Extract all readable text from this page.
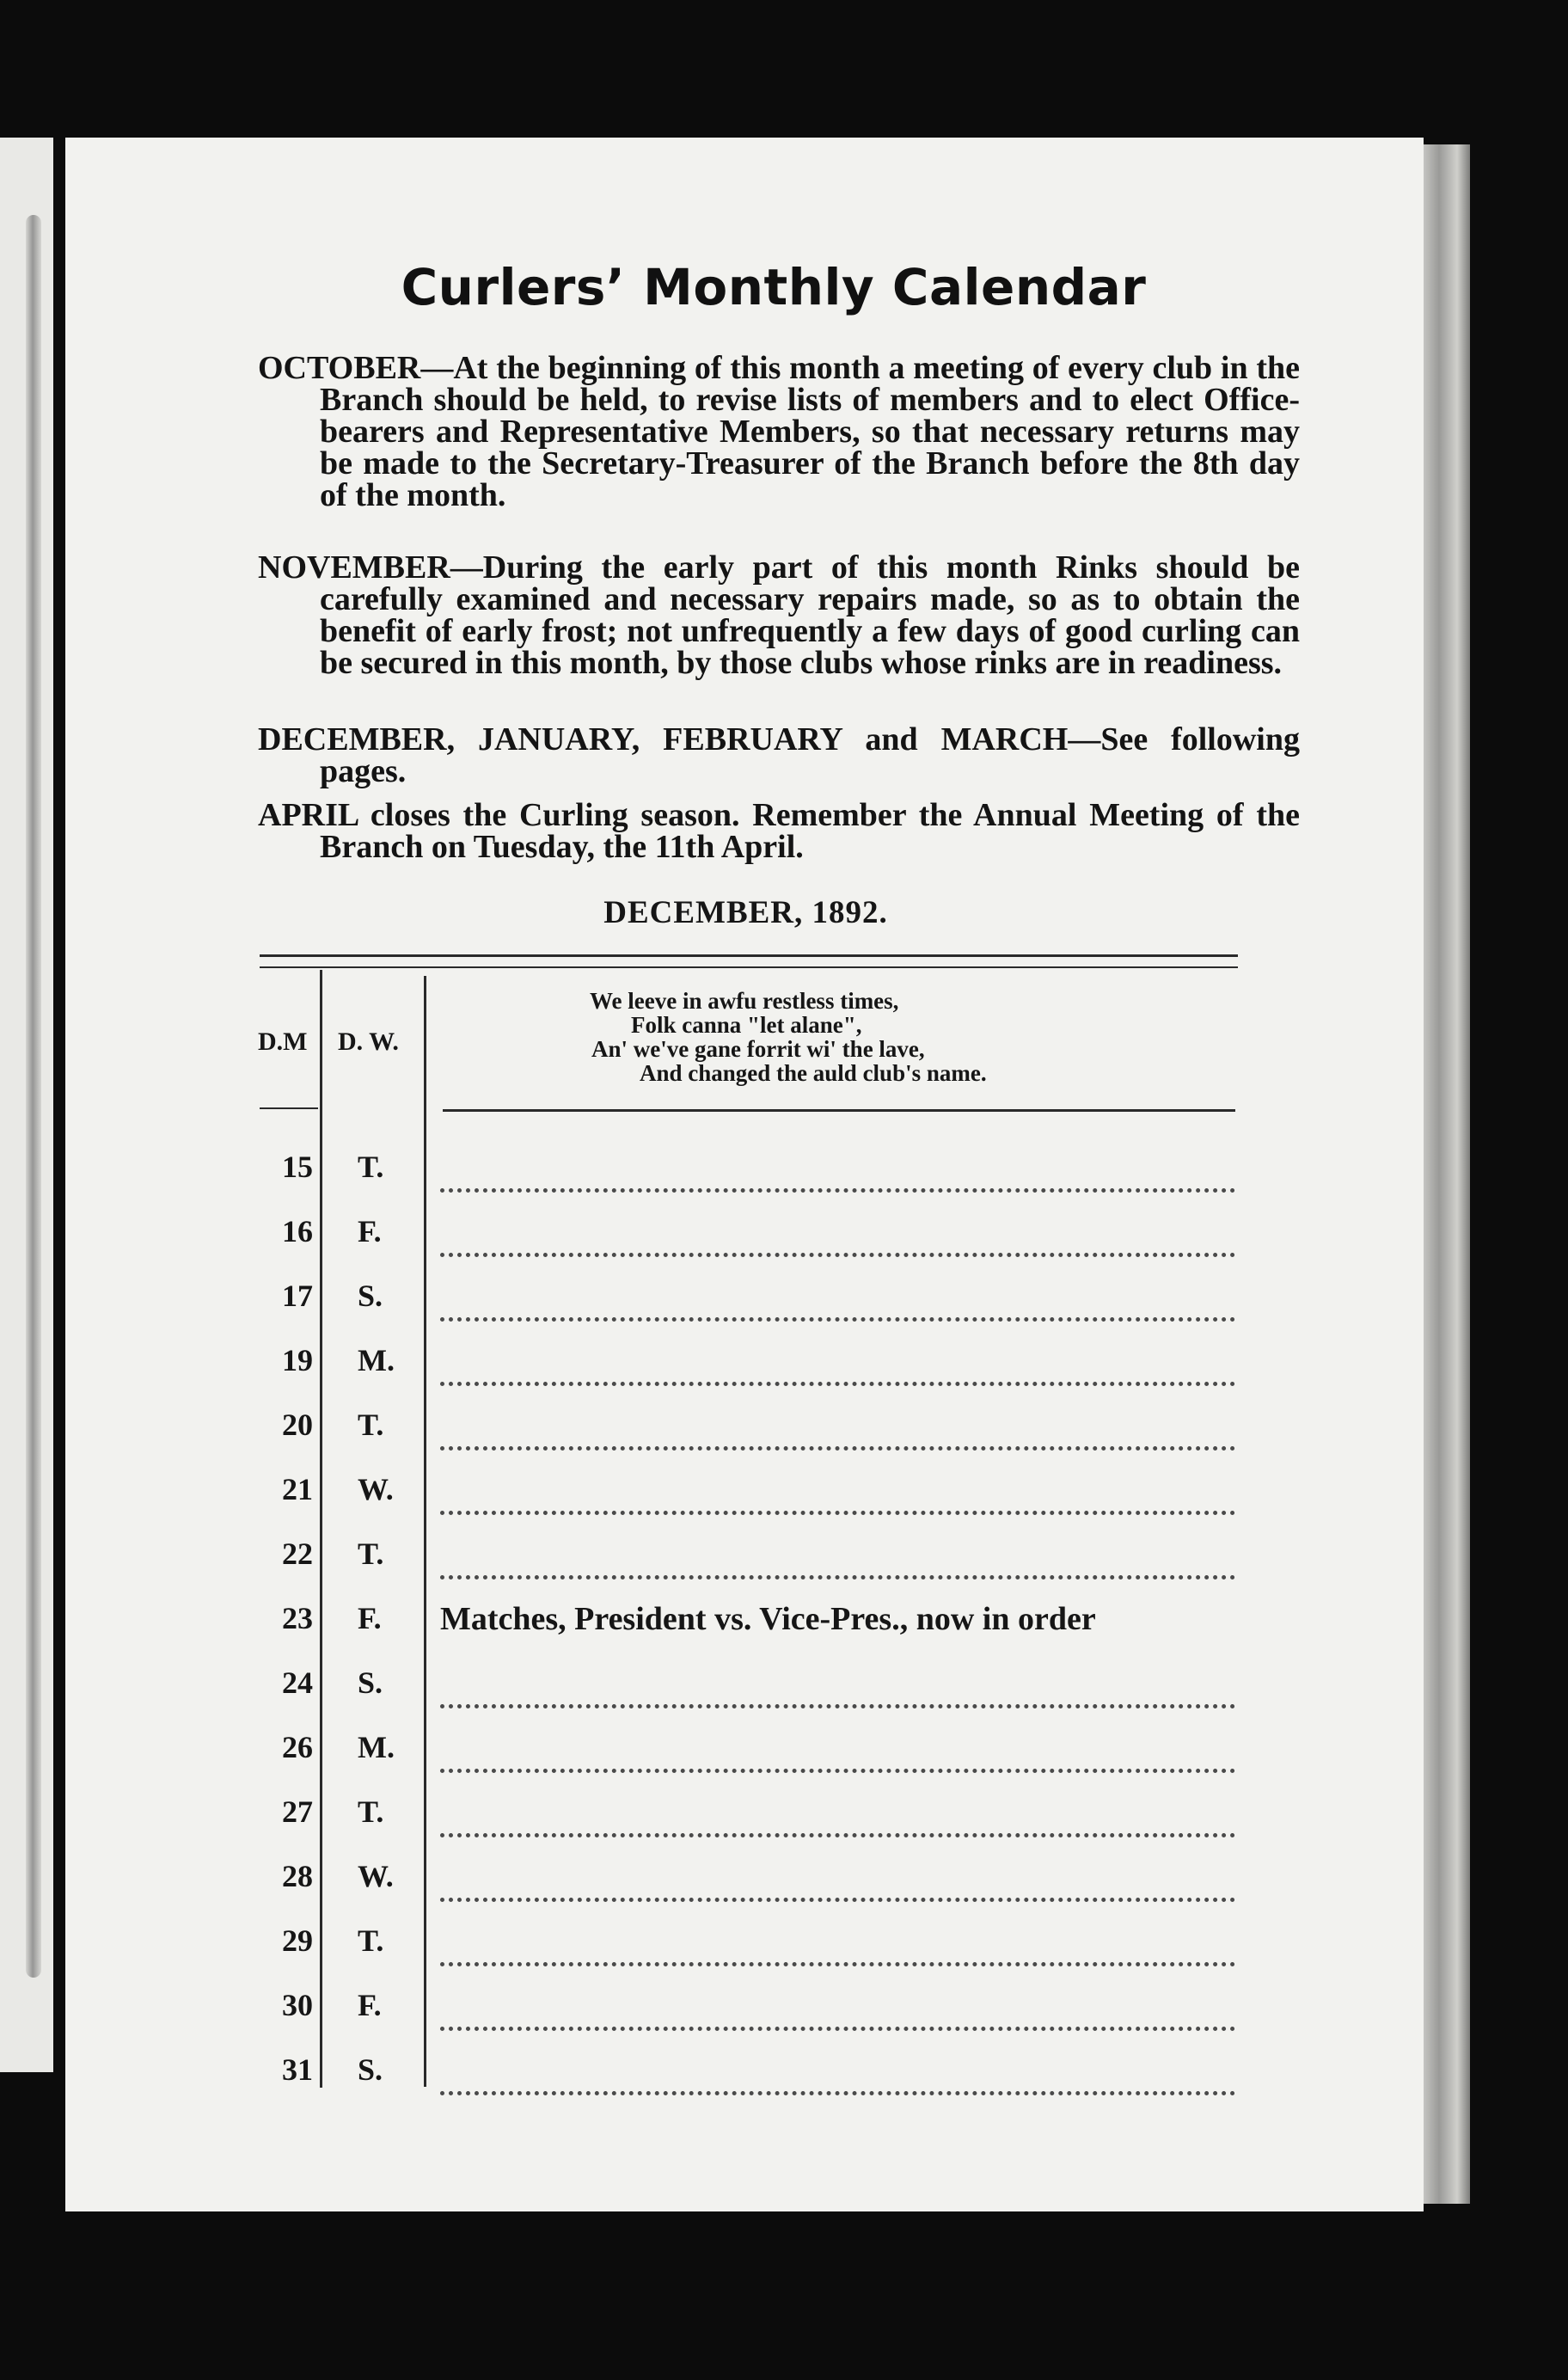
Curlers’ Monthly Calendar
OCTOBER—At the beginning of this month a meeting of every club in the Branch should be held, to revise lists of members and to elect Office-bearers and Representative Members, so that necessary returns may be made to the Secretary-Treasurer of the Branch before the 8th day of the month.
NOVEMBER—During the early part of this month Rinks should be carefully examined and necessary repairs made, so as to obtain the benefit of early frost; not unfrequently a few days of good curling can be secured in this month, by those clubs whose rinks are in readiness.
DECEMBER, JANUARY, FEBRUARY and MARCH—See following pages.
APRIL closes the Curling season. Remember the Annual Meeting of the Branch on Tuesday, the 11th April.
DECEMBER, 1892.
D.M D. W.
We leeve in awfu restless times,
Folk canna "let alane",
An' we've gane forrit wi' the lave,
And changed the auld club's name.
15 T.
16 F.
17 S.
19 M.
20 T.
21 W.
22 T.
23 F. Matches, President vs. Vice-Pres., now in order
24 S.
26 M.
27 T.
28 W.
29 T.
30 F.
31 S.
